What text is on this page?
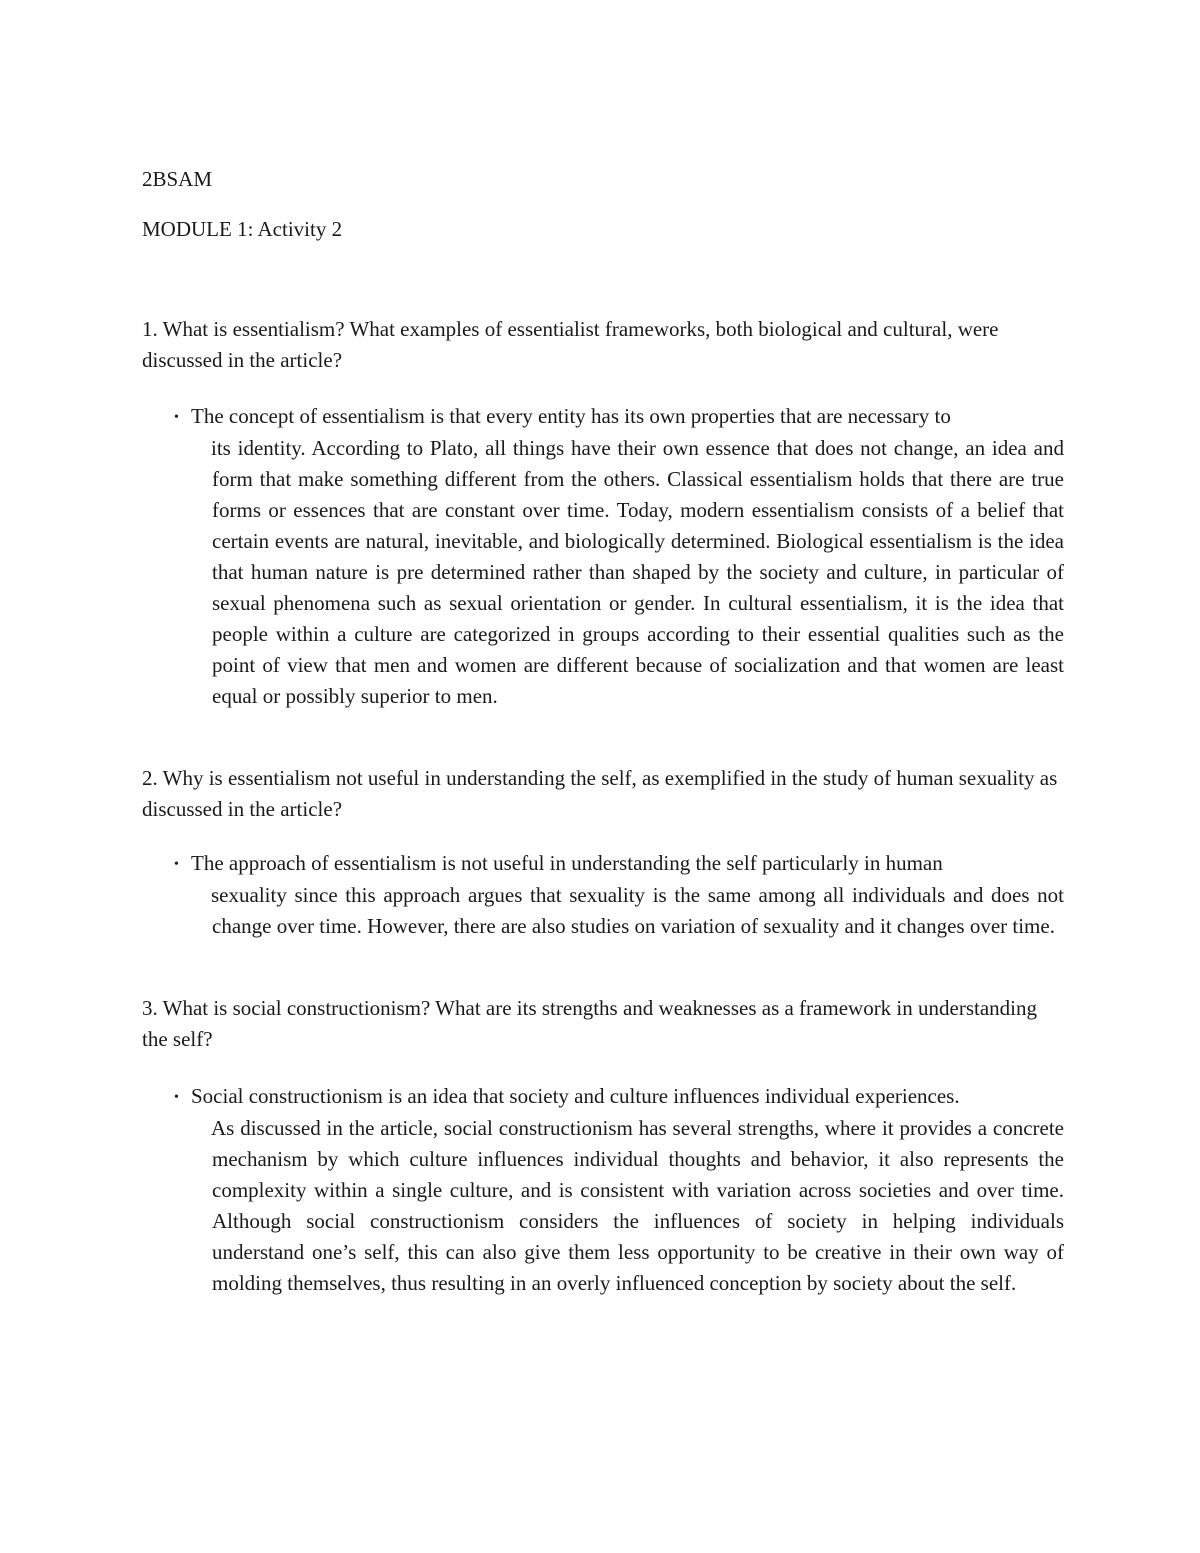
2BSAM

MODULE 1: Activity 2

1. What is essentialism? What examples of essentialist frameworks, both biological and cultural, were discussed in the article?

• The concept of essentialism is that every entity has its own properties that are necessary to
its identity. According to Plato, all things have their own essence that does not change, an idea and form that make something different from the others. Classical essentialism holds that there are true forms or essences that are constant over time. Today, modern essentialism consists of a belief that certain events are natural, inevitable, and biologically determined. Biological essentialism is the idea that human nature is pre determined rather than shaped by the society and culture, in particular of sexual phenomena such as sexual orientation or gender. In cultural essentialism, it is the idea that people within a culture are categorized in groups according to their essential qualities such as the point of view that men and women are different because of socialization and that women are least equal or possibly superior to men.

2. Why is essentialism not useful in understanding the self, as exemplified in the study of human sexuality as discussed in the article?

• The approach of essentialism is not useful in understanding the self particularly in human
sexuality since this approach argues that sexuality is the same among all individuals and does not change over time. However, there are also studies on variation of sexuality and it changes over time.

3. What is social constructionism? What are its strengths and weaknesses as a framework in understanding the self?

• Social constructionism is an idea that society and culture influences individual experiences.
As discussed in the article, social constructionism has several strengths, where it provides a concrete mechanism by which culture influences individual thoughts and behavior, it also represents the complexity within a single culture, and is consistent with variation across societies and over time. Although social constructionism considers the influences of society in helping individuals understand one’s self, this can also give them less opportunity to be creative in their own way of molding themselves, thus resulting in an overly influenced conception by society about the self.
